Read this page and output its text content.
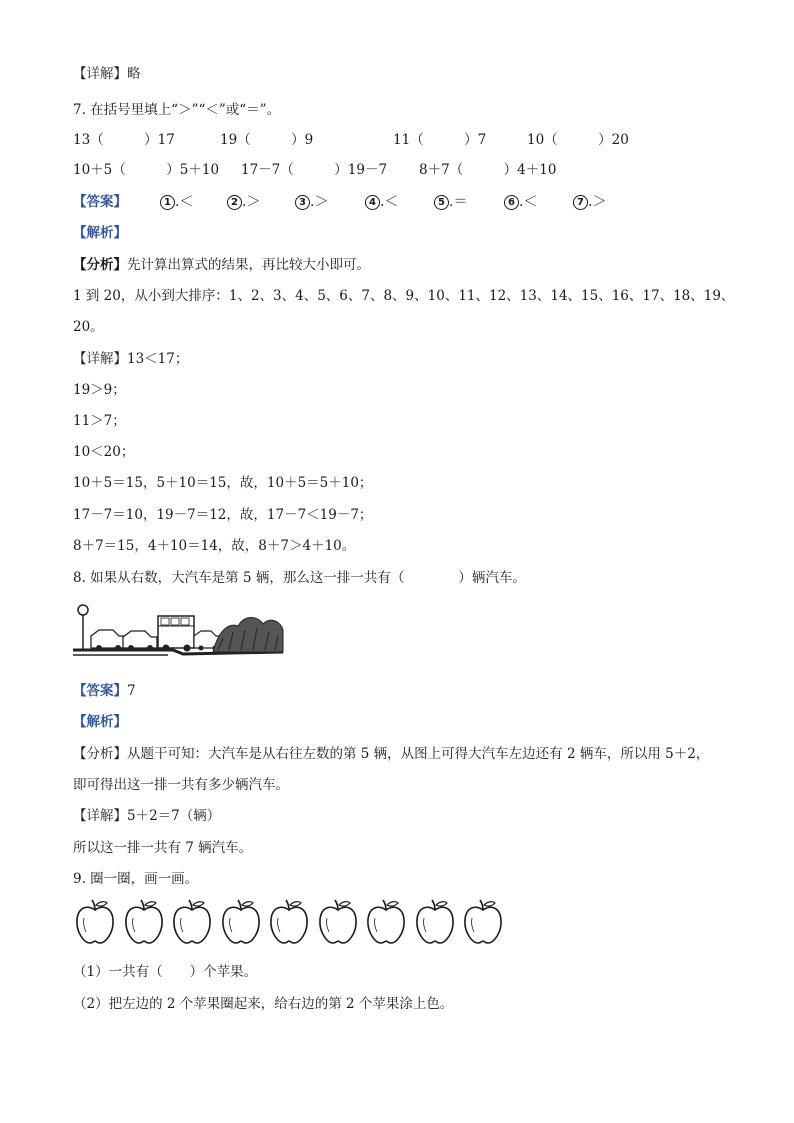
【详解】略
7. 在括号里填上“＞”“＜”或“＝”。
13（　　　）17	19（　　　）9	11（　　　）7	10（　　　）20
10＋5（　　　）5＋10 17－7（　　　）19－7 8＋7（　　　）4＋10
【答案】	1 .＜	2 .＞	3 .＞	4 .＜	5 .＝	6 .＜	7 .＞
【解析】
【分析】先计算出算式的结果，再比较大小即可。
1 到 20，从小到大排序：1、2、3、4、5、6、7、8、9、10、11、12、13、14、15、16、17、18、19、
20。
【详解】13＜17；
19＞9；
11＞7；
10＜20；
10＋5＝15，5＋10＝15，故，10＋5＝5＋10；
17－7＝10，19－7＝12，故，17－7＜19－7；
8＋7＝15，4＋10＝14，故，8＋7＞4＋10。
8. 如果从右数，大汽车是第 5 辆，那么这一排一共有（　　　　）辆汽车。
【答案】7
【解析】
【分析】从题干可知：大汽车是从右往左数的第 5 辆，从图上可得大汽车左边还有 2 辆车，所以用 5＋2，
即可得出这一排一共有多少辆汽车。
【详解】5＋2＝7（辆）
所以这一排一共有 7 辆汽车。
9. 圈一圈，画一画。
（1）一共有（　　）个苹果。
（2）把左边的 2 个苹果圈起来，给右边的第 2 个苹果涂上色。
